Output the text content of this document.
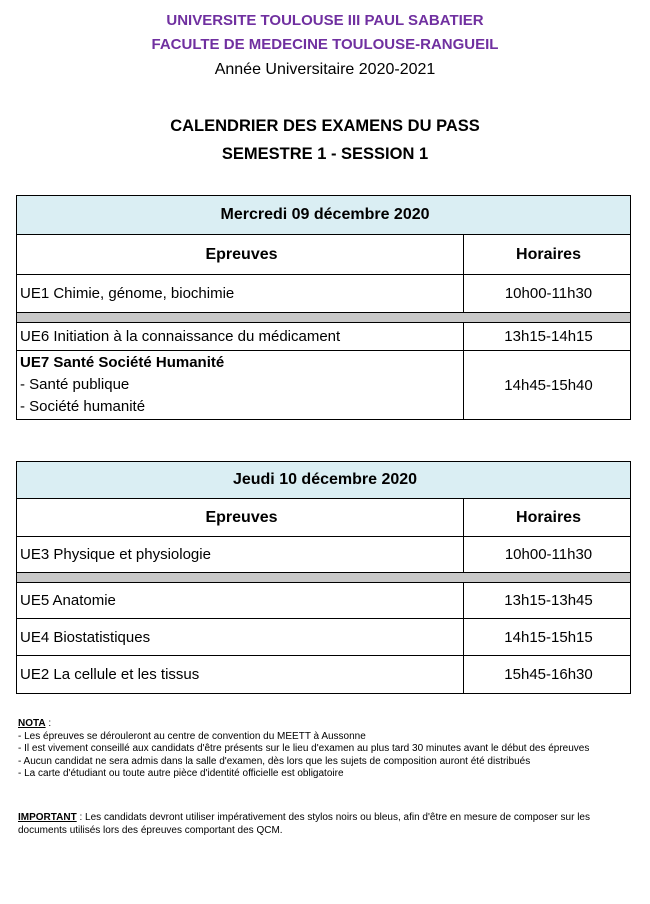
UNIVERSITE TOULOUSE III PAUL SABATIER
FACULTE DE MEDECINE TOULOUSE-RANGUEIL
Année Universitaire 2020-2021
CALENDRIER DES EXAMENS DU PASS
SEMESTRE 1 - SESSION 1
Mercredi 09 décembre 2020	
Epreuves	Horaires
UE1 Chimie, génome, biochimie	10h00-11h30

UE6 Initiation à la connaissance du médicament	13h15-14h15

UE7 Santé Société Humanité
- Santé publique
- Société humanité	14h45-15h40
Jeudi 10 décembre 2020	
Epreuves	Horaires
UE3 Physique et physiologie	10h00-11h30

UE5 Anatomie	13h15-13h45
UE4 Biostatistiques	14h15-15h15
UE2 La cellule et les tissus	15h45-16h30
NOTA :
- Les épreuves se dérouleront au centre de convention du MEETT à Aussonne
- Il est vivement conseillé aux candidats d'être présents sur le lieu d'examen au plus tard 30 minutes avant le début des épreuves
- Aucun candidat ne sera admis dans la salle d'examen, dès lors que les sujets de composition auront été distribués
- La carte d'étudiant ou toute autre pièce d'identité officielle est obligatoire
IMPORTANT : Les candidats devront utiliser impérativement des stylos noirs ou bleus, afin d'être en mesure de composer sur les documents utilisés lors des épreuves comportant des QCM.
